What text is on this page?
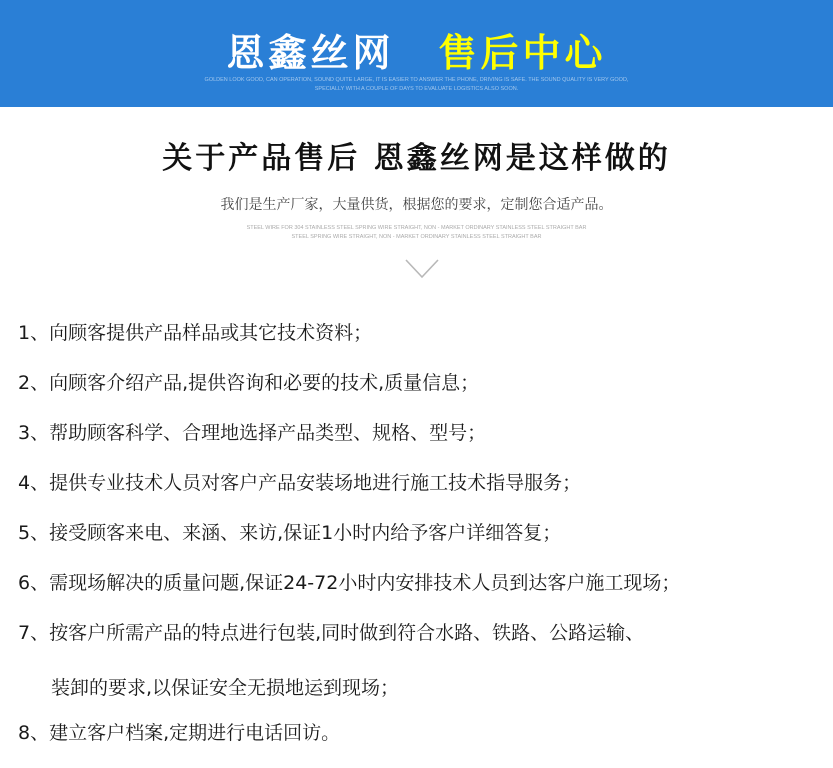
恩鑫丝网 售后中心
GOLDEN LOOK GOOD, CAN OPERATION, SOUND QUITE LARGE, IT IS EASIER TO ANSWER THE PHONE, DRIVING IS SAFE. THE SOUND QUALITY IS VERY GOOD,
SPECIALLY WITH A COUPLE OF DAYS TO EVALUATE LOGISTICS ALSO SOON.
关于产品售后 恩鑫丝网是这样做的
我们是生产厂家，大量供货，根据您的要求，定制您合适产品。
STEEL WIRE FOR 304 STAINLESS STEEL SPRING WIRE STRAIGHT, NON - MARKET ORDINARY STAINLESS STEEL STRAIGHT BAR
STEEL SPRING WIRE STRAIGHT, NON - MARKET ORDINARY STAINLESS STEEL STRAIGHT BAR
1、向顾客提供产品样品或其它技术资料；
2、向顾客介绍产品,提供咨询和必要的技术,质量信息；
3、帮助顾客科学、合理地选择产品类型、规格、型号；
4、提供专业技术人员对客户产品安装场地进行施工技术指导服务；
5、接受顾客来电、来涵、来访,保证1小时内给予客户详细答复；
6、需现场解决的质量问题,保证24-72小时内安排技术人员到达客户施工现场；
7、按客户所需产品的特点进行包装,同时做到符合水路、铁路、公路运输、
装卸的要求,以保证安全无损地运到现场；
8、建立客户档案,定期进行电话回访。
